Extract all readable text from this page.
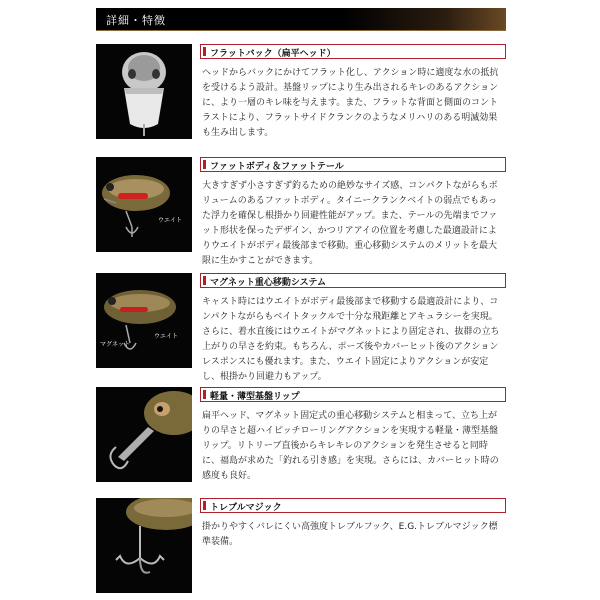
詳細・特徴
フラットバック（扁平ヘッド）
ヘッドからバックにかけてフラット化し、アクション時に適度な水の抵抗を受けるよう設計。基盤リップにより生み出されるキレのあるアクションに、より一層のキレ味を与えます。また、フラットな背面と側面のコントラストにより、フラットサイドクランクのようなメリハリのある明滅効果も生み出します。
ウエイト
ファットボディ＆ファットテール
大きすぎず小さすぎず釣るための絶妙なサイズ感、コンパクトながらもボリュームのあるファットボディ。タイニークランクベイトの弱点でもあった浮力を確保し根掛かり回避性能がアップ。また、テールの先端までファット形状を保ったデザイン、かつリアアイの位置を考慮した最適設計によりウエイトがボディ最後部まで移動。重心移動システムのメリットを最大限に生かすことができます。
マグネット
ウエイト
マグネット重心移動システム
キャスト時にはウエイトがボディ最後部まで移動する最適設計により、コンパクトながらもベイトタックルで十分な飛距離とアキュラシーを実現。さらに、着水直後にはウエイトがマグネットにより固定され、抜群の立ち上がりの早さを約束。もちろん、ポーズ後やカバーヒット後のアクションレスポンスにも優れます。また、ウエイト固定によりアクションが安定し、根掛かり回避力もアップ。
軽量・薄型基盤リップ
扁平ヘッド、マグネット固定式の重心移動システムと相まって、立ち上がりの早さと超ハイピッチローリングアクションを実現する軽量・薄型基盤リップ。リトリーブ直後からキレキレのアクションを発生させると同時に、福島が求めた「釣れる引き感」を実現。さらには、カバーヒット時の感度も良好。
トレブルマジック
掛かりやすくバレにくい高強度トレブルフック、E.G.トレブルマジック標準装備。
